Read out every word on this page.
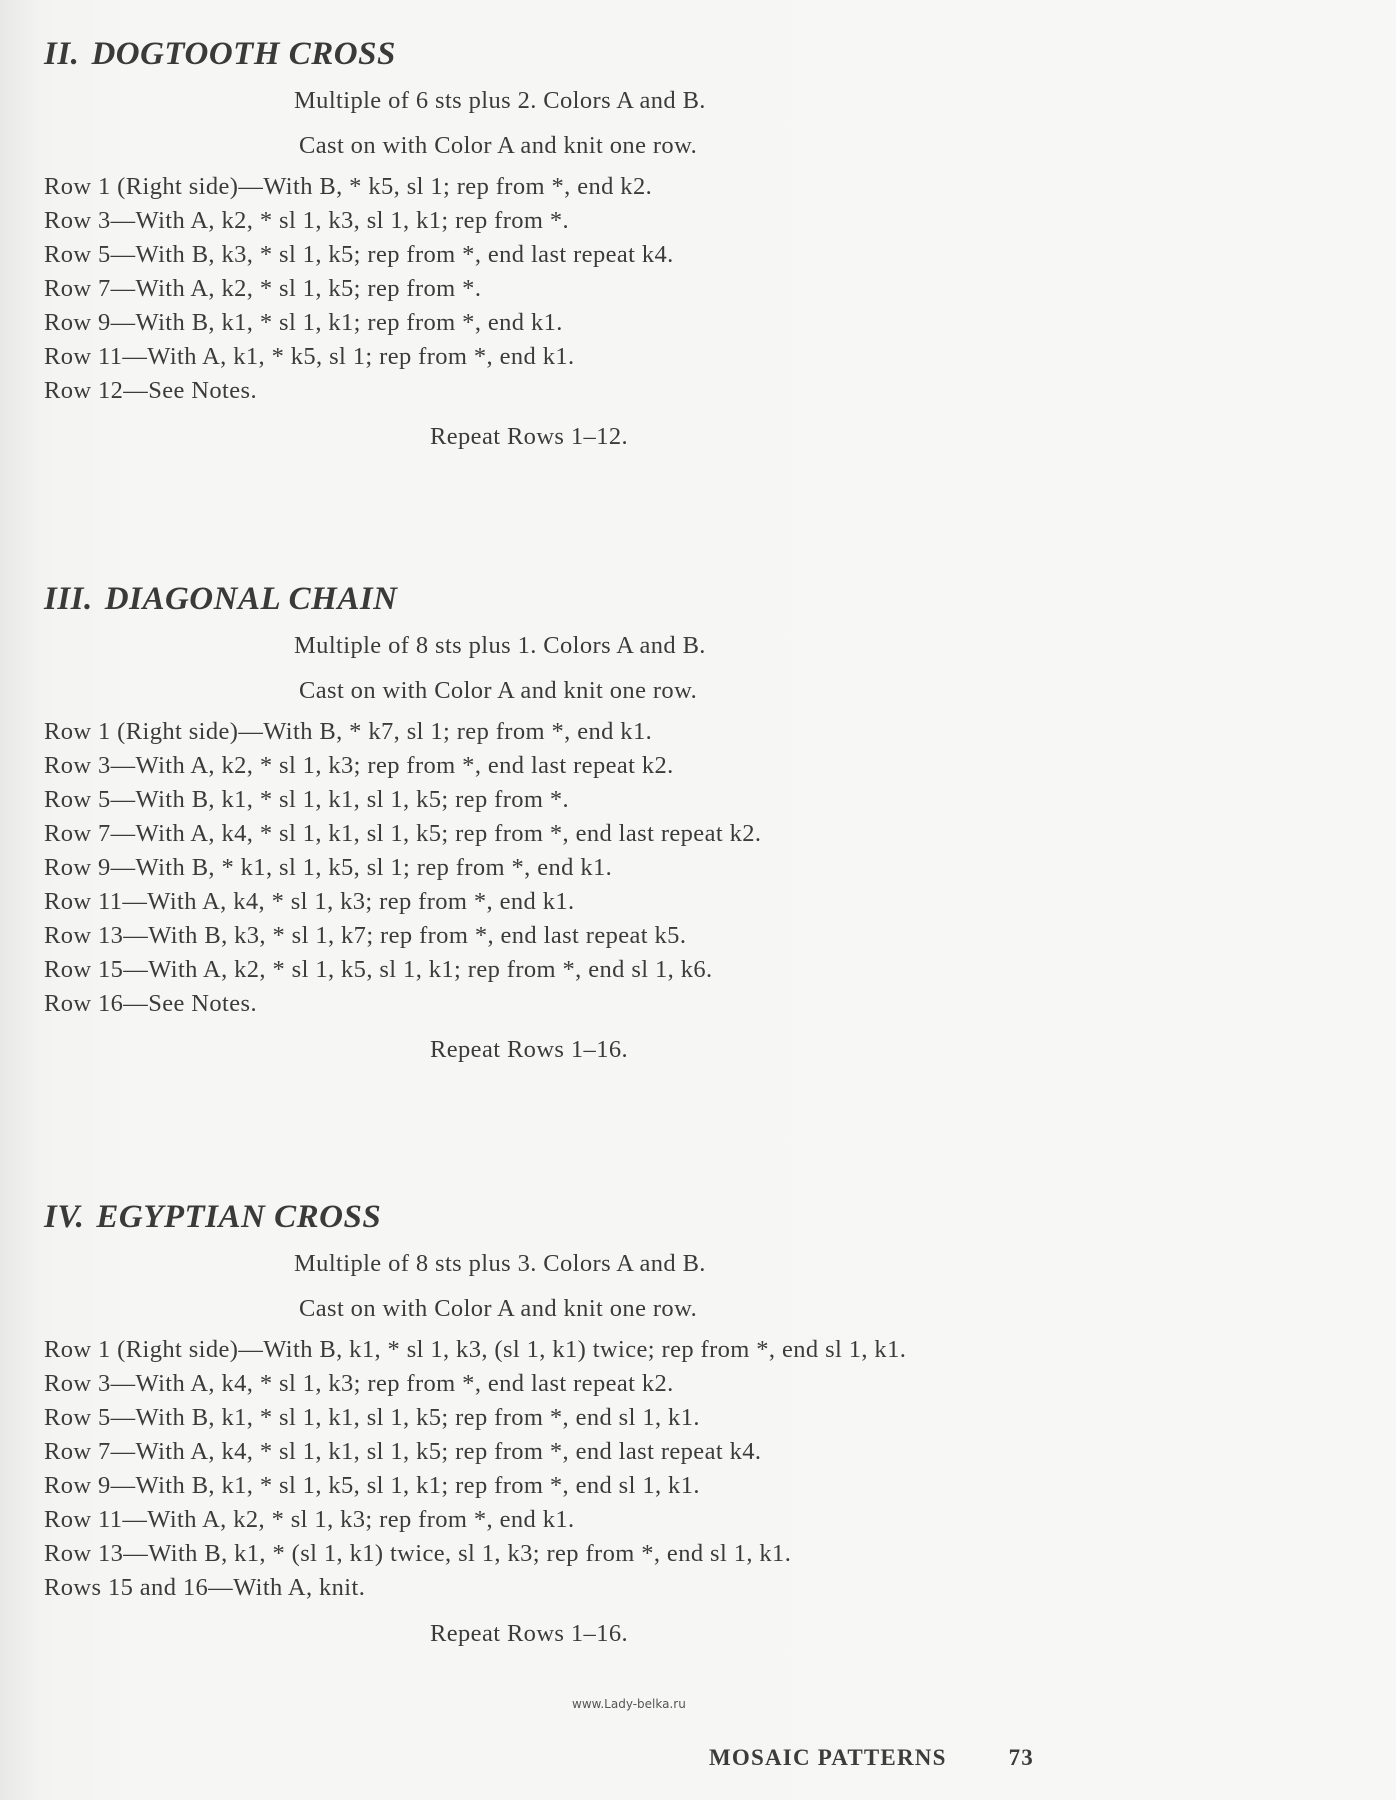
II. DOGTOOTH CROSS
Multiple of 6 sts plus 2. Colors A and B.
Cast on with Color A and knit one row.
Row 1 (Right side)—With B, * k5, sl 1; rep from *, end k2.
Row 3—With A, k2, * sl 1, k3, sl 1, k1; rep from *.
Row 5—With B, k3, * sl 1, k5; rep from *, end last repeat k4.
Row 7—With A, k2, * sl 1, k5; rep from *.
Row 9—With B, k1, * sl 1, k1; rep from *, end k1.
Row 11—With A, k1, * k5, sl 1; rep from *, end k1.
Row 12—See Notes.
Repeat Rows 1–12.
III. DIAGONAL CHAIN
Multiple of 8 sts plus 1. Colors A and B.
Cast on with Color A and knit one row.
Row 1 (Right side)—With B, * k7, sl 1; rep from *, end k1.
Row 3—With A, k2, * sl 1, k3; rep from *, end last repeat k2.
Row 5—With B, k1, * sl 1, k1, sl 1, k5; rep from *.
Row 7—With A, k4, * sl 1, k1, sl 1, k5; rep from *, end last repeat k2.
Row 9—With B, * k1, sl 1, k5, sl 1; rep from *, end k1.
Row 11—With A, k4, * sl 1, k3; rep from *, end k1.
Row 13—With B, k3, * sl 1, k7; rep from *, end last repeat k5.
Row 15—With A, k2, * sl 1, k5, sl 1, k1; rep from *, end sl 1, k6.
Row 16—See Notes.
Repeat Rows 1–16.
IV. EGYPTIAN CROSS
Multiple of 8 sts plus 3. Colors A and B.
Cast on with Color A and knit one row.
Row 1 (Right side)—With B, k1, * sl 1, k3, (sl 1, k1) twice; rep from *, end sl 1, k1.
Row 3—With A, k4, * sl 1, k3; rep from *, end last repeat k2.
Row 5—With B, k1, * sl 1, k1, sl 1, k5; rep from *, end sl 1, k1.
Row 7—With A, k4, * sl 1, k1, sl 1, k5; rep from *, end last repeat k4.
Row 9—With B, k1, * sl 1, k5, sl 1, k1; rep from *, end sl 1, k1.
Row 11—With A, k2, * sl 1, k3; rep from *, end k1.
Row 13—With B, k1, * (sl 1, k1) twice, sl 1, k3; rep from *, end sl 1, k1.
Rows 15 and 16—With A, knit.
Repeat Rows 1–16.
www.Lady-belka.ru
MOSAIC PATTERNS	73
